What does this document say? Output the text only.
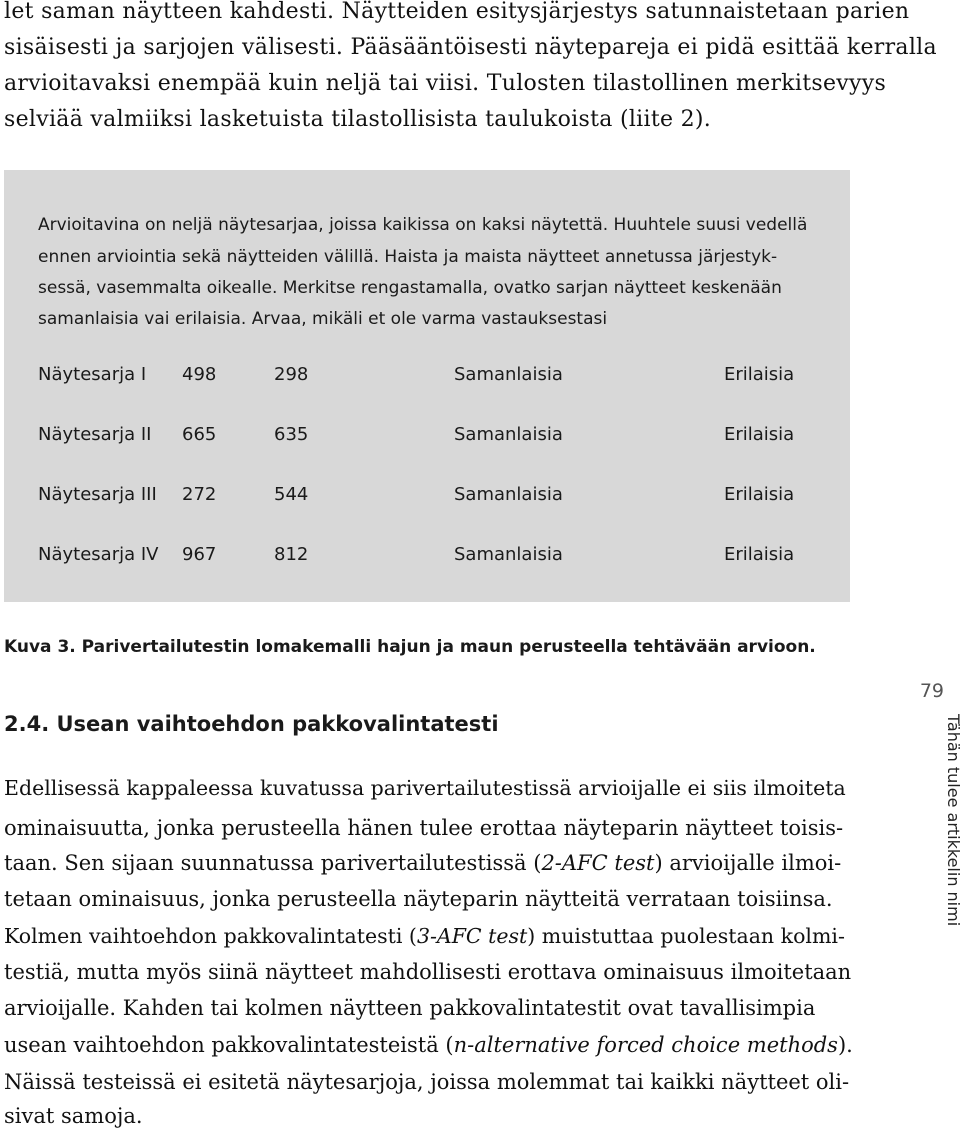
let saman näytteen kahdesti. Näytteiden esitysjärjestys satunnaistetaan parien
sisäisesti ja sarjojen välisesti. Pääsääntöisesti näytepareja ei pidä esittää kerralla
arvioitavaksi enempää kuin neljä tai viisi. Tulosten tilastollinen merkitsevyys
selviää valmiiksi lasketuista tilastollisista taulukoista (liite 2).
Arvioitavina on neljä näytesarjaa, joissa kaikissa on kaksi näytettä. Huuhtele suusi vedellä
ennen arviointia sekä näytteiden välillä. Haista ja maista näytteet annetussa järjestyk-
sessä, vasemmalta oikealle. Merkitse rengastamalla, ovatko sarjan näytteet keskenään
samanlaisia vai erilaisia. Arvaa, mikäli et ole varma vastauksestasi
Näytesarja I 498	298	Samanlaisia	Erilaisia
Näytesarja II 665	635	Samanlaisia	Erilaisia
Näytesarja III 272	544	Samanlaisia	Erilaisia
Näytesarja IV 967	812	Samanlaisia	Erilaisia
Kuva 3. Parivertailutestin lomakemalli hajun ja maun perusteella tehtävään arvioon.
79
Tähän tulee artikkelin nimi
2.4. Usean vaihtoehdon pakkovalintatesti
Edellisessä kappaleessa kuvatussa parivertailutestissä arvioijalle ei siis ilmoiteta
ominaisuutta, jonka perusteella hänen tulee erottaa näyteparin näytteet toisis-
taan. Sen sijaan suunnatussa parivertailutestissä (2-AFC test) arvioijalle ilmoi-
tetaan ominaisuus, jonka perusteella näyteparin näytteitä verrataan toisiinsa.
Kolmen vaihtoehdon pakkovalintatesti (3-AFC test) muistuttaa puolestaan kolmi-
testiä, mutta myös siinä näytteet mahdollisesti erottava ominaisuus ilmoitetaan
arvioijalle. Kahden tai kolmen näytteen pakkovalintatestit ovat tavallisimpia
usean vaihtoehdon pakkovalintatesteistä (n-alternative forced choice methods).
Näissä testeissä ei esitetä näytesarjoja, joissa molemmat tai kaikki näytteet oli-
sivat samoja.
